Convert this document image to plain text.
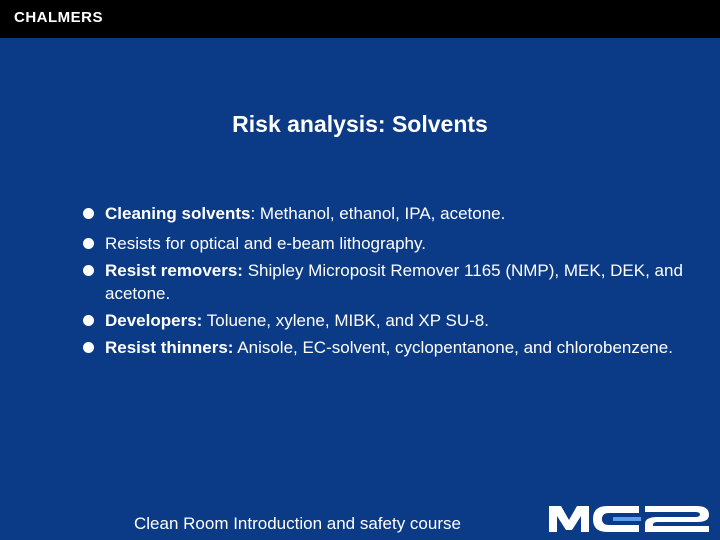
CHALMERS
Risk analysis: Solvents
Cleaning solvents: Methanol, ethanol, IPA, acetone.
Resists for optical and e-beam lithography.
Resist removers: Shipley Microposit Remover 1165 (NMP), MEK, DEK, and acetone.
Developers: Toluene, xylene, MIBK, and XP SU-8.
Resist thinners: Anisole, EC-solvent, cyclopentanone, and chlorobenzene.
Clean Room Introduction and safety course
